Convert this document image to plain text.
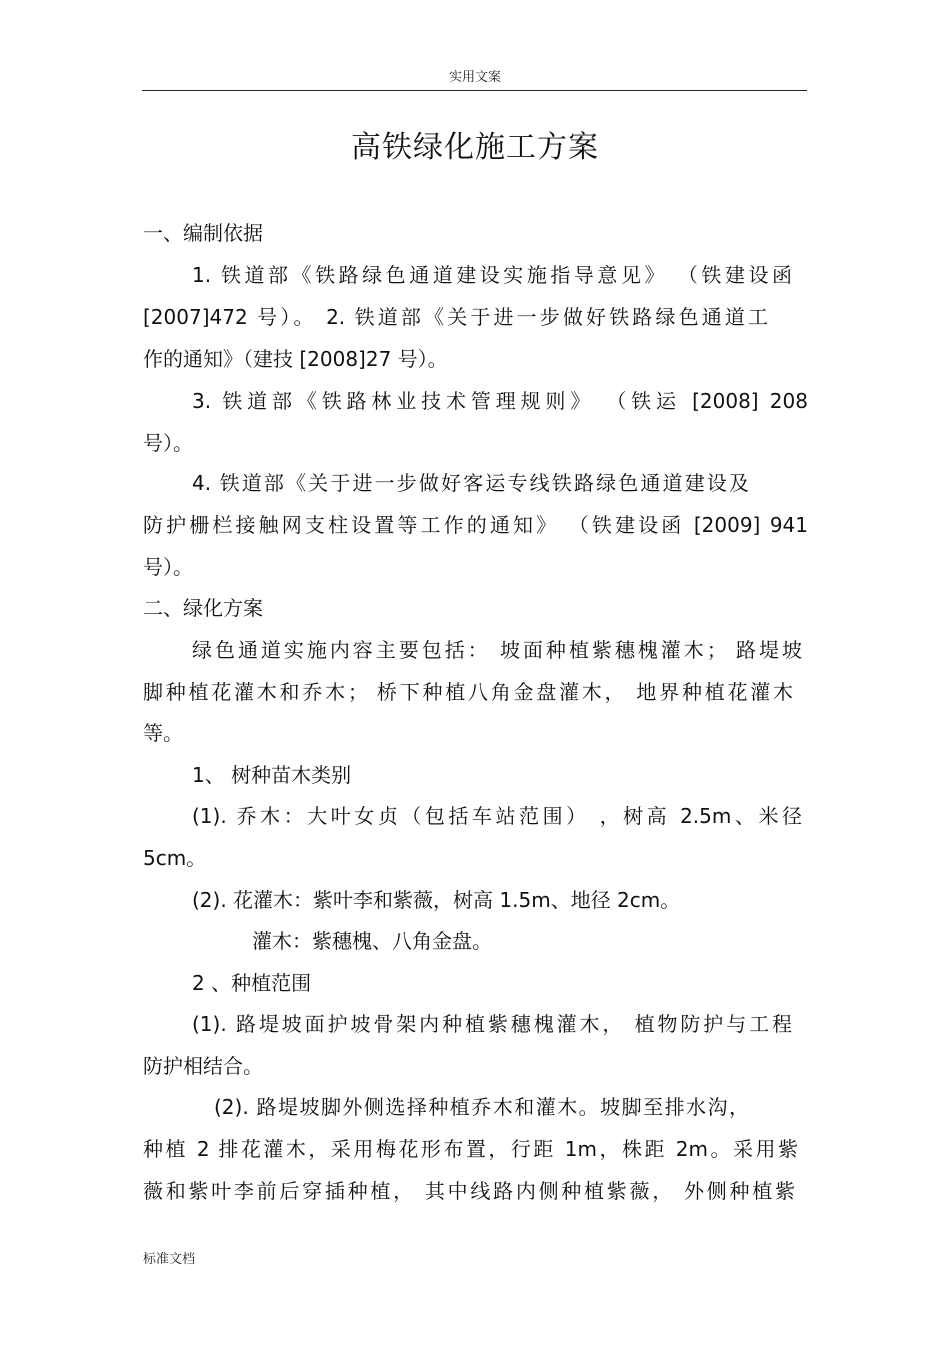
实用文案
高铁绿化施工方案
一、编制依据
1. 铁道部《铁路绿色通道建设实施指导意见》 （铁建设函
[2007]472 号）。 2. 铁道部《关于进一步做好铁路绿色通道工
作的通知》（建技 [2008]27 号）。
3. 铁道部《铁路林业技术管理规则》 （铁运 [2008] 208
号）。
4. 铁道部《关于进一步做好客运专线铁路绿色通道建设及
防护栅栏接触网支柱设置等工作的通知》 （铁建设函 [2009] 941
号）。
二、绿化方案
绿色通道实施内容主要包括： 坡面种植紫穗槐灌木； 路堤坡
脚种植花灌木和乔木； 桥下种植八角金盘灌木， 地界种植花灌木
等。
1、 树种苗木类别
(1). 乔木：大叶女贞（包括车站范围） ，树高 2.5m、米径
5cm。
(2). 花灌木：紫叶李和紫薇，树高 1.5m、地径 2cm。
灌木：紫穗槐、八角金盘。
2 、种植范围
(1). 路堤坡面护坡骨架内种植紫穗槐灌木， 植物防护与工程
防护相结合。
(2). 路堤坡脚外侧选择种植乔木和灌木。坡脚至排水沟，
种植 2 排花灌木，采用梅花形布置，行距 1m，株距 2m。采用紫
薇和紫叶李前后穿插种植， 其中线路内侧种植紫薇， 外侧种植紫
标准文档
